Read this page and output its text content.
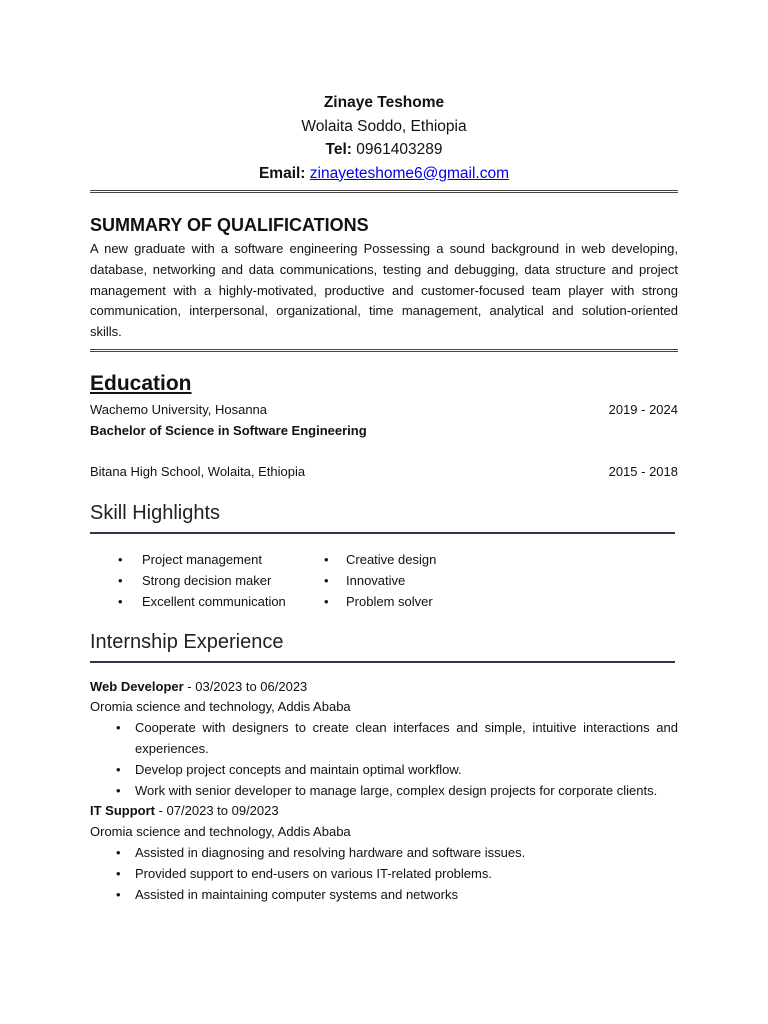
Zinaye Teshome
Wolaita Soddo, Ethiopia
Tel: 0961403289
Email: zinayeteshome6@gmail.com
SUMMARY OF QUALIFICATIONS
A new graduate with a software engineering Possessing a sound background in web developing, database, networking and data communications, testing and debugging, data structure and project management with a highly-motivated, productive and customer-focused team player with strong communication, interpersonal, organizational, time management, analytical and solution-oriented skills.
Education
Wachemo University, Hosanna	2019 - 2024
Bachelor of Science in Software Engineering
Bitana High School, Wolaita, Ethiopia	2015 - 2018
Skill Highlights
• Project management
• Strong decision maker
• Excellent communication
• Creative design
• Innovative
• Problem solver
Internship Experience
Web Developer - 03/2023 to 06/2023
Oromia science and technology, Addis Ababa
• Cooperate with designers to create clean interfaces and simple, intuitive interactions and experiences.
• Develop project concepts and maintain optimal workflow.
• Work with senior developer to manage large, complex design projects for corporate clients.
IT Support - 07/2023 to 09/2023
Oromia science and technology, Addis Ababa
• Assisted in diagnosing and resolving hardware and software issues.
• Provided support to end-users on various IT-related problems.
• Assisted in maintaining computer systems and networks
